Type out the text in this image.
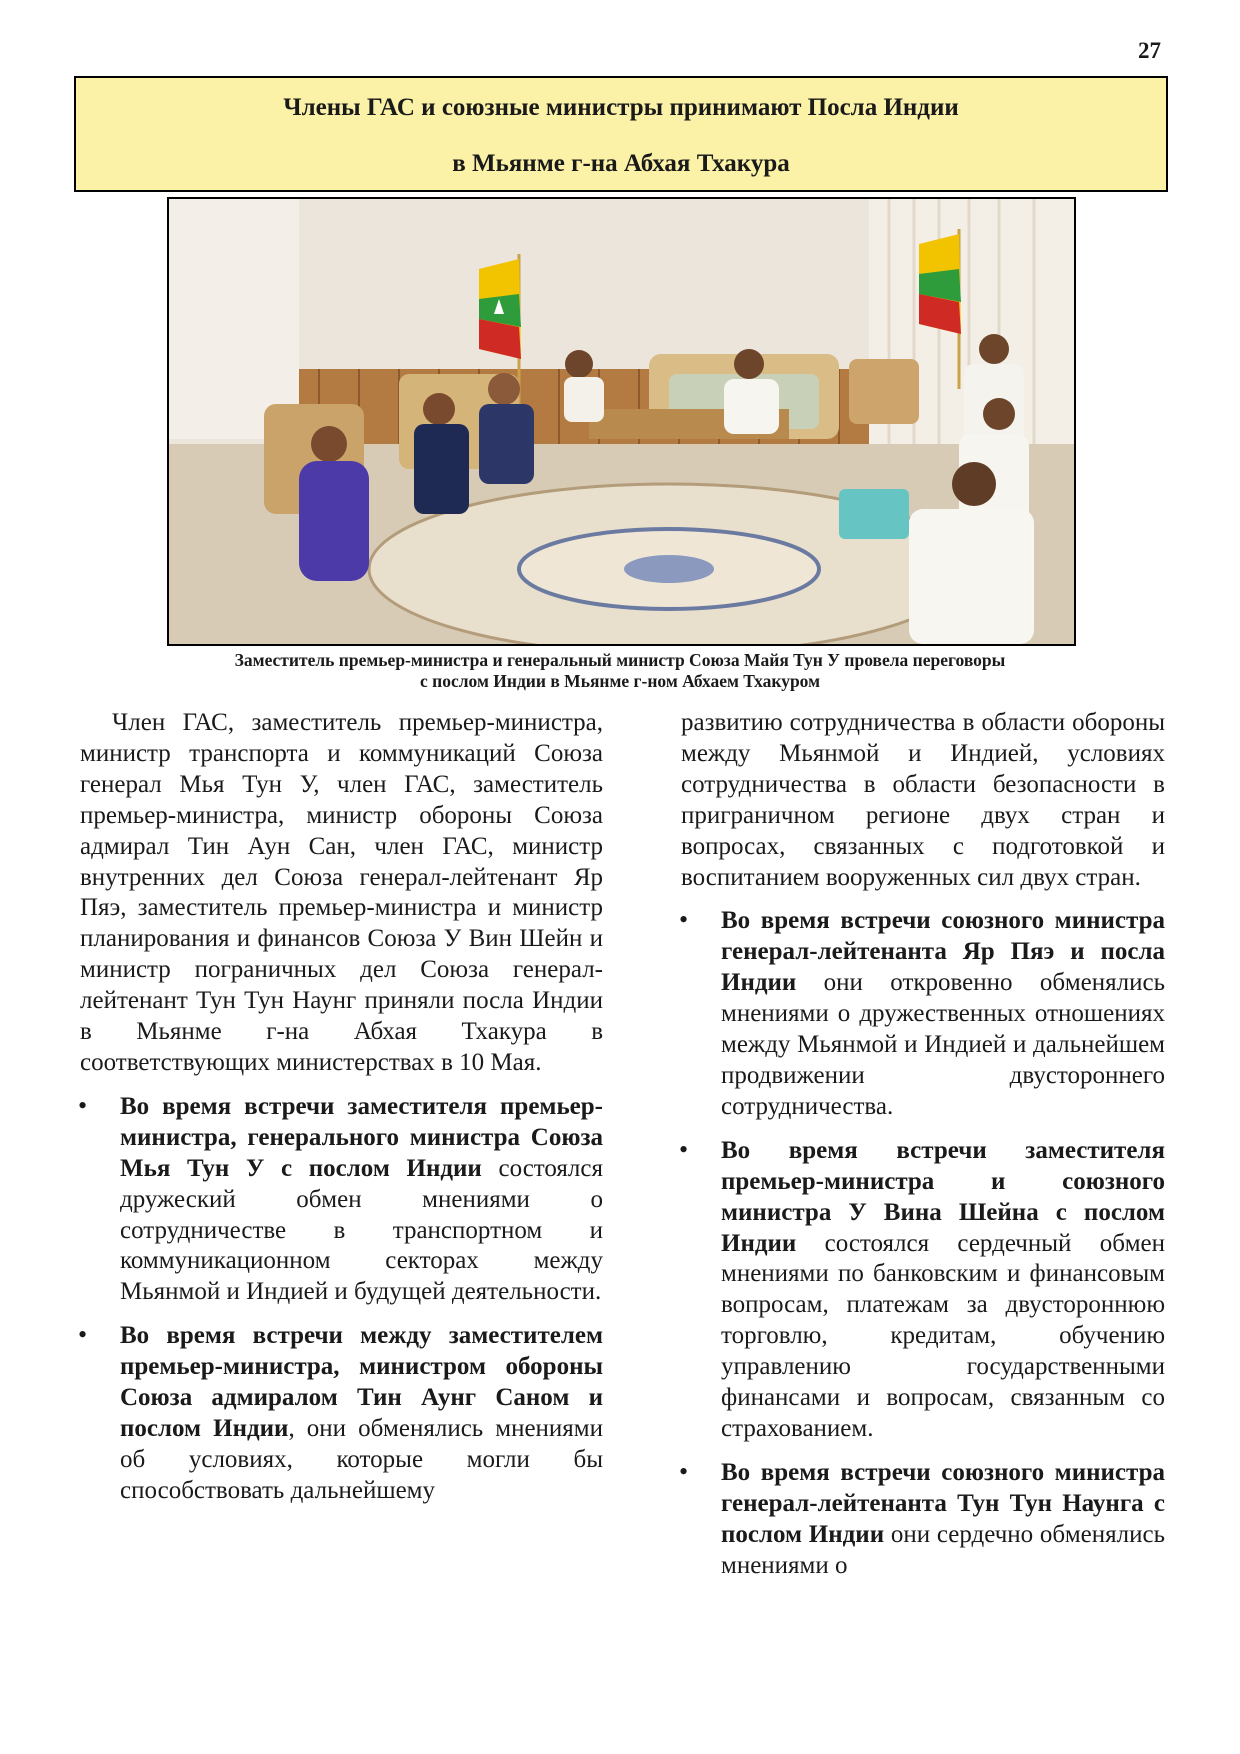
27
Члены ГАС и союзные министры принимают Посла Индии
в Мьянме г-на Абхая Тхакура
Заместитель премьер-министра и генеральный министр Союза Майя Тун У провела переговоры
с послом Индии в Мьянме г-ном Абхаем Тхакуром

Член ГАС, заместитель премьер-министра, министр транспорта и коммуникаций Союза генерал Мья Тун У, член ГАС, заместитель премьер-министра, министр обороны Союза адмирал Тин Аун Сан, член ГАС, министр внутренних дел Союза генерал-лейтенант Яр Пяэ, заместитель премьер-министра и министр планирования и финансов Союза У Вин Шейн и министр пограничных дел Союза генерал-лейтенант Тун Тун Наунг приняли посла Индии в Мьянме г-на Абхая Тхакура в соответствующих министерствах в 10 Мая.

• Во время встречи заместителя премьер-министра, генерального министра Союза Мья Тун У с послом Индии состоялся дружеский обмен мнениями о сотрудничестве в транспортном и коммуникационном секторах между Мьянмой и Индией и будущей деятельности.
• Во время встречи между заместителем премьер-министра, министром обороны Союза адмиралом Тин Аунг Саном и послом Индии, они обменялись мнениями об условиях, которые могли бы способствовать дальнейшему

развитию сотрудничества в области обороны между Мьянмой и Индией, условиях сотрудничества в области безопасности в приграничном регионе двух стран и вопросах, связанных с подготовкой и воспитанием вооруженных сил двух стран.

• Во время встречи союзного министра генерал-лейтенанта Яр Пяэ и посла Индии они откровенно обменялись мнениями о дружественных отношениях между Мьянмой и Индией и дальнейшем продвижении двустороннего сотрудничества.
• Во время встречи заместителя премьер-министра и союзного министра У Вина Шейна с послом Индии состоялся сердечный обмен мнениями по банковским и финансовым вопросам, платежам за двустороннюю торговлю, кредитам, обучению управлению государственными финансами и вопросам, связанным со страхованием.
• Во время встречи союзного министра генерал-лейтенанта Тун Тун Наунга с послом Индии они сердечно обменялись мнениями о
